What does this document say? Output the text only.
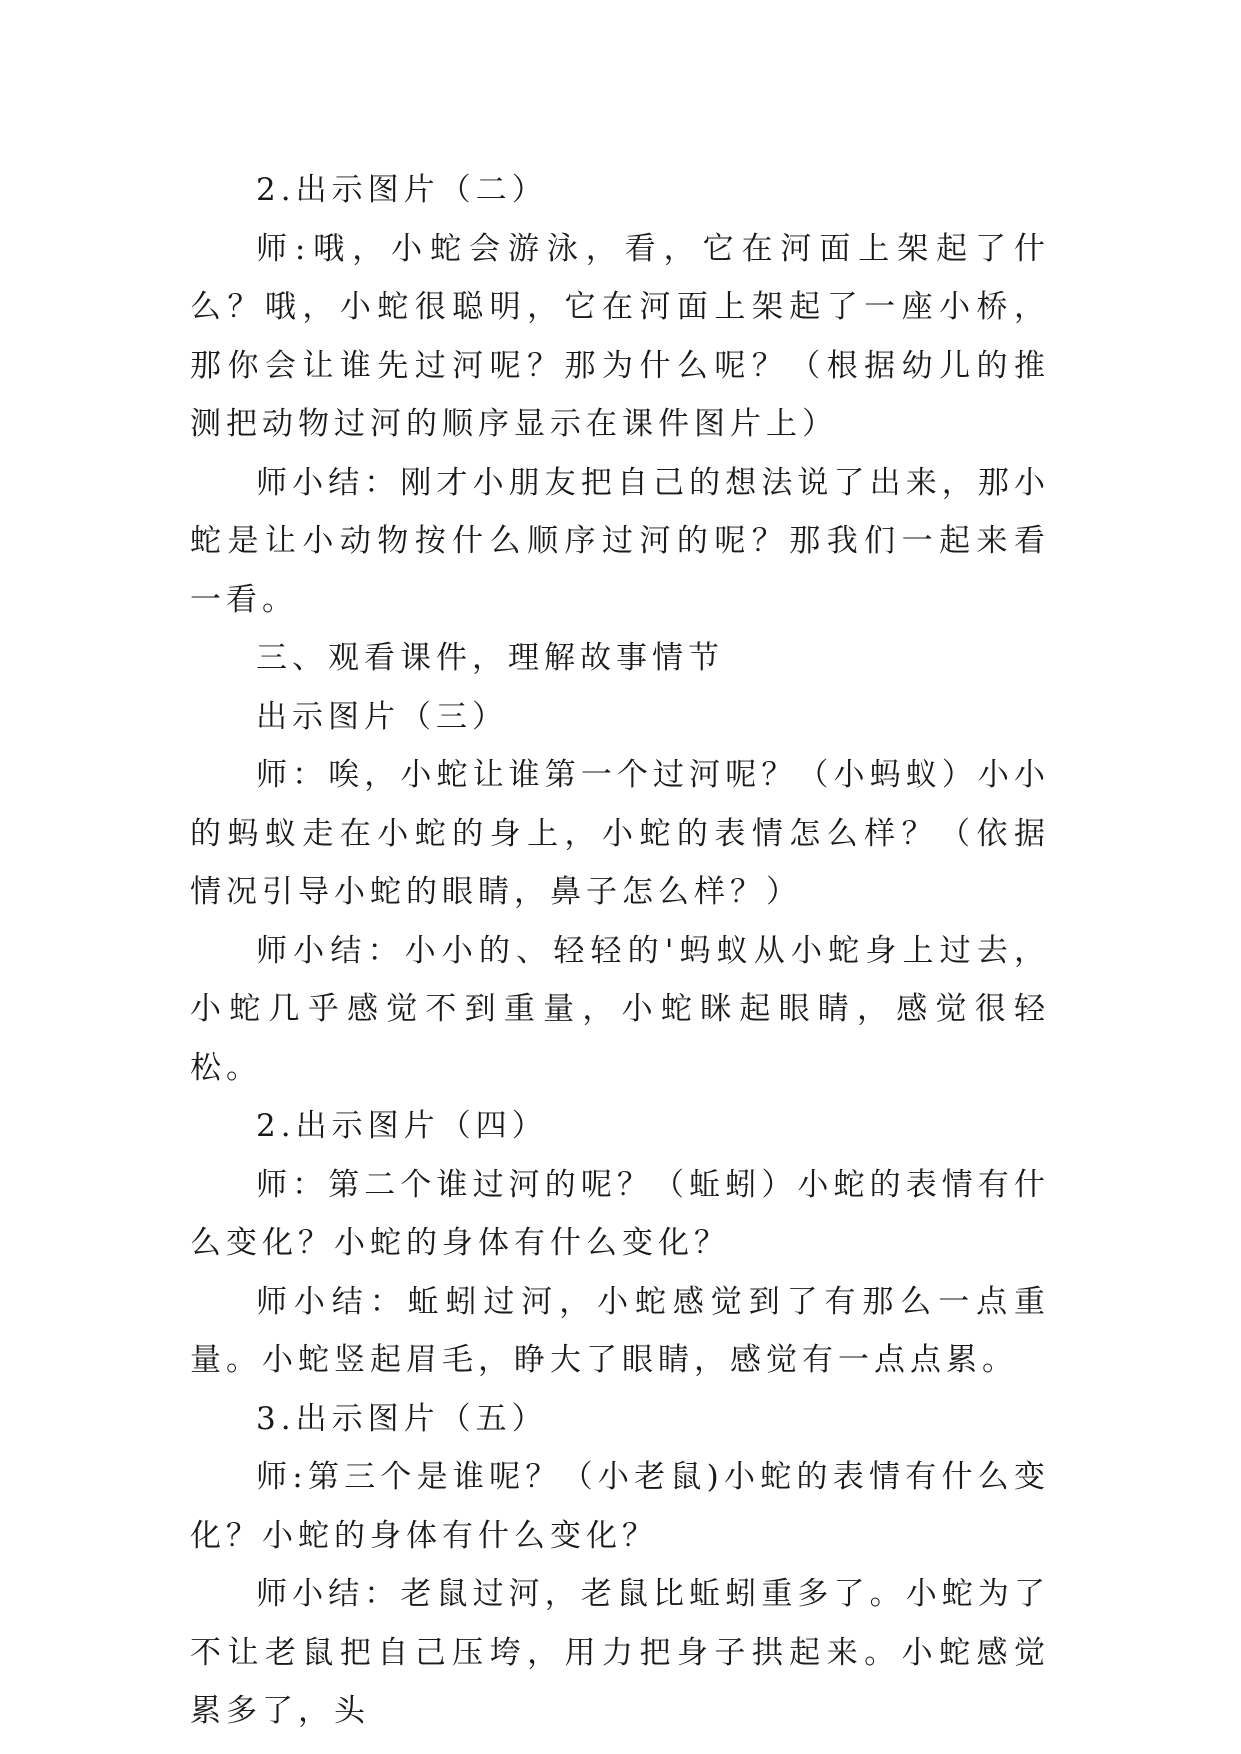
2.出示图片（二）

师:哦，小蛇会游泳，看，它在河面上架起了什么？哦，小蛇很聪明，它在河面上架起了一座小桥，那你会让谁先过河呢？那为什么呢？（根据幼儿的推测把动物过河的顺序显示在课件图片上）

师小结：刚才小朋友把自己的想法说了出来，那小蛇是让小动物按什么顺序过河的呢？那我们一起来看一看。

三、观看课件，理解故事情节

出示图片（三）

师：唉，小蛇让谁第一个过河呢？（小蚂蚁）小小的蚂蚁走在小蛇的身上，小蛇的表情怎么样？（依据情况引导小蛇的眼睛，鼻子怎么样？）

师小结：小小的、轻轻的'蚂蚁从小蛇身上过去，小蛇几乎感觉不到重量，小蛇眯起眼睛，感觉很轻松。

2.出示图片（四）

师：第二个谁过河的呢？（蚯蚓）小蛇的表情有什么变化？小蛇的身体有什么变化？

师小结：蚯蚓过河，小蛇感觉到了有那么一点重量。小蛇竖起眉毛，睁大了眼睛，感觉有一点点累。

3.出示图片（五）

师:第三个是谁呢？（小老鼠)小蛇的表情有什么变化？小蛇的身体有什么变化？

师小结：老鼠过河，老鼠比蚯蚓重多了。小蛇为了不让老鼠把自己压垮，用力把身子拱起来。小蛇感觉累多了，头
